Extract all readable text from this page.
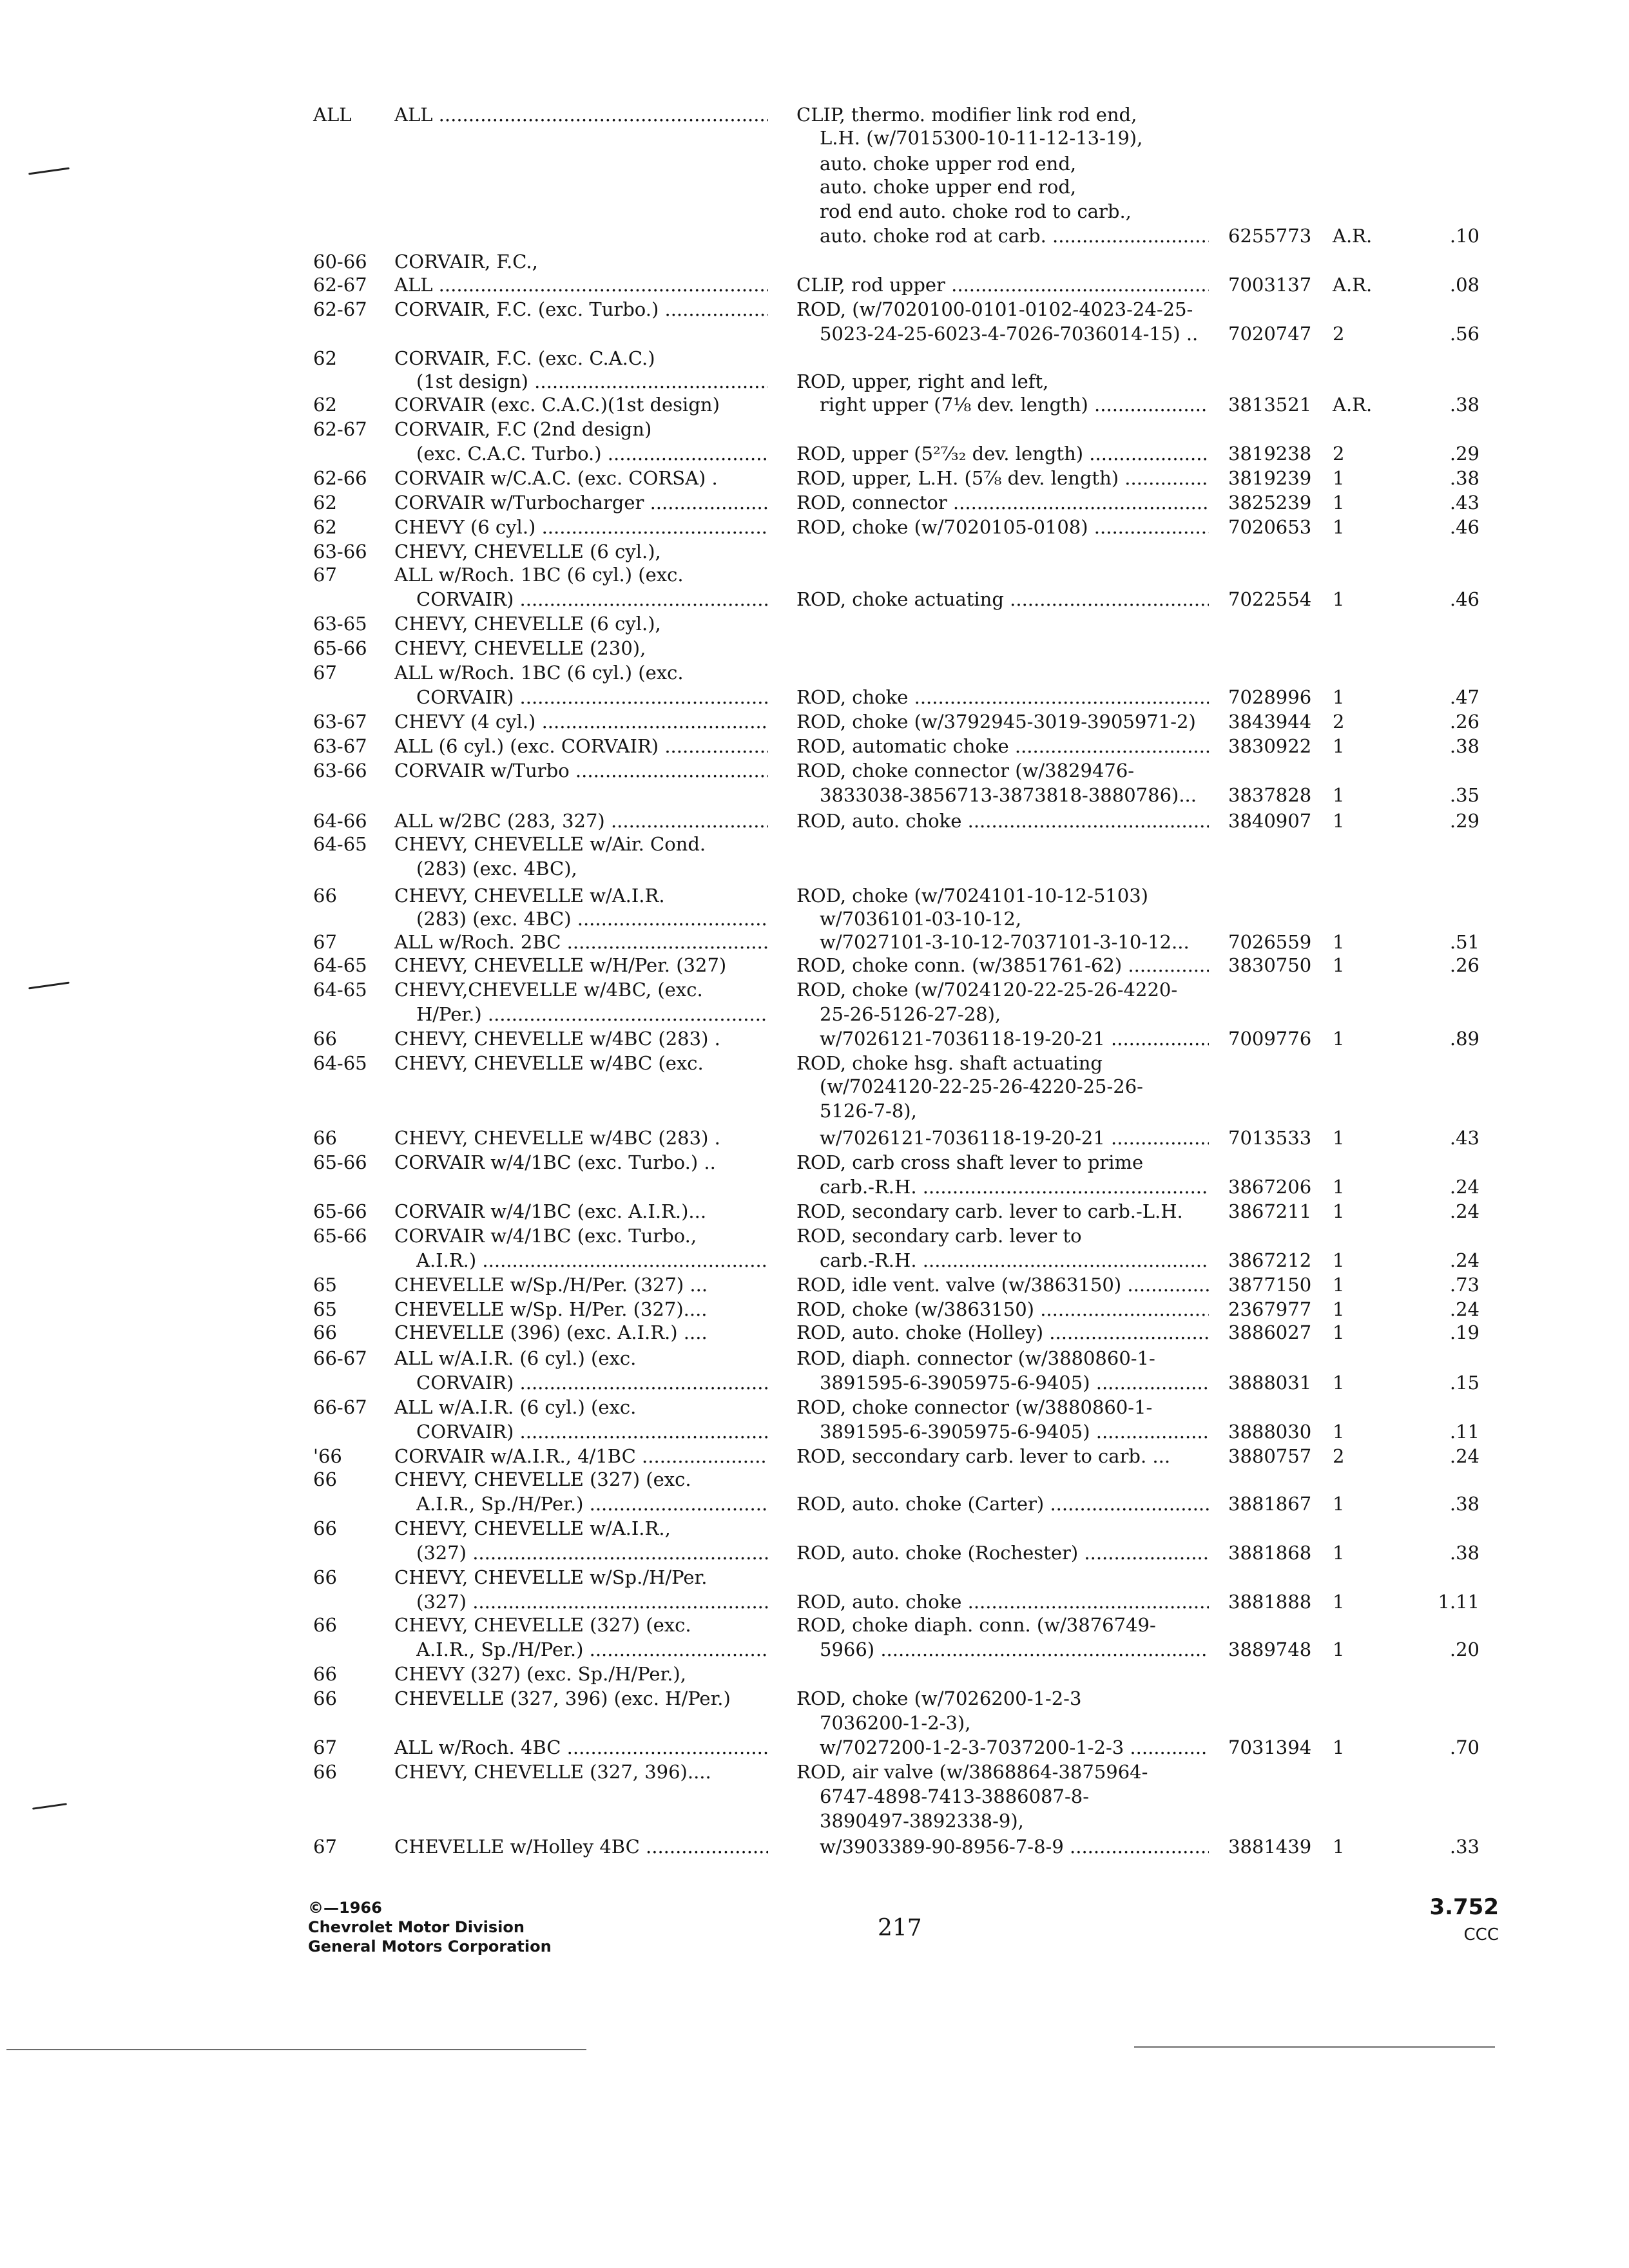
ALL ALL .....	CLIP, thermo. modifier link rod end,
L.H. (w/7015300-10-11-12-13-19),
auto. choke upper rod end,
auto. choke upper end rod,
rod end auto. choke rod to carb.,
auto. choke rod at carb. .....	6255773 A.R.	.10
60-66 CORVAIR, F.C.,
62-67 ALL .....	CLIP, rod upper .....	7003137 A.R.	.08
62-67 CORVAIR, F.C. (exc. Turbo.) .....	ROD, (w/7020100-0101-0102-4023-24-25-
5023-24-25-6023-4-7026-7036014-15) ..	7020747 2	.56
62	CORVAIR, F.C. (exc. C.A.C.)
(1st design) .....	ROD, upper, right and left,
62	CORVAIR (exc. C.A.C.)(1st design)	right upper (7⅛ dev. length) .....	3813521 A.R.	.38
62-67 CORVAIR, F.C (2nd design)
(exc. C.A.C. Turbo.) .....	ROD, upper (5²⁷⁄₃₂ dev. length) .....	3819238 2	.29
62-66 CORVAIR w/C.A.C. (exc. CORSA) .	ROD, upper, L.H. (5⅞ dev. length) .....	3819239 1	.38
62	CORVAIR w/Turbocharger .....	ROD, connector .....	3825239 1	.43
62	CHEVY (6 cyl.) .....	ROD, choke (w/7020105-0108) .....	7020653 1	.46
63-66 CHEVY, CHEVELLE (6 cyl.),
67	ALL w/Roch. 1BC (6 cyl.) (exc.
CORVAIR) .....	ROD, choke actuating .....	7022554 1	.46
63-65 CHEVY, CHEVELLE (6 cyl.),
65-66 CHEVY, CHEVELLE (230),
67	ALL w/Roch. 1BC (6 cyl.) (exc.
CORVAIR) .....	ROD, choke .....	7028996 1	.47
63-67 CHEVY (4 cyl.) .....	ROD, choke (w/3792945-3019-3905971-2)	3843944 2	.26
63-67 ALL (6 cyl.) (exc. CORVAIR) .....	ROD, automatic choke .....	3830922 1	.38
63-66 CORVAIR w/Turbo .....	ROD, choke connector (w/3829476-
3833038-3856713-3873818-3880786)...	3837828 1	.35
64-66 ALL w/2BC (283, 327) .....	ROD, auto. choke .....	3840907 1	.29
64-65 CHEVY, CHEVELLE w/Air. Cond.
(283) (exc. 4BC),
66	CHEVY, CHEVELLE w/A.I.R.	ROD, choke (w/7024101-10-12-5103)
(283) (exc. 4BC) .....	w/7036101-03-10-12,
67	ALL w/Roch. 2BC .....	w/7027101-3-10-12-7037101-3-10-12...	7026559 1	.51
64-65 CHEVY, CHEVELLE w/H/Per. (327)	ROD, choke conn. (w/3851761-62) .....	3830750 1	.26
64-65 CHEVY,CHEVELLE w/4BC, (exc.	ROD, choke (w/7024120-22-25-26-4220-
H/Per.) .....	25-26-5126-27-28),
66	CHEVY, CHEVELLE w/4BC (283) .	w/7026121-7036118-19-20-21 .....	7009776 1	.89
64-65 CHEVY, CHEVELLE w/4BC (exc.	ROD, choke hsg. shaft actuating
(w/7024120-22-25-26-4220-25-26-
5126-7-8),
66	CHEVY, CHEVELLE w/4BC (283) .	w/7026121-7036118-19-20-21 .....	7013533 1	.43
65-66 CORVAIR w/4/1BC (exc. Turbo.) ..	ROD, carb cross shaft lever to prime
carb.-R.H. .....	3867206 1	.24
65-66 CORVAIR w/4/1BC (exc. A.I.R.)...	ROD, secondary carb. lever to carb.-L.H.	3867211 1	.24
65-66 CORVAIR w/4/1BC (exc. Turbo.,	ROD, secondary carb. lever to
A.I.R.) .....	carb.-R.H. .....	3867212 1	.24
65	CHEVELLE w/Sp./H/Per. (327) ...	ROD, idle vent. valve (w/3863150) .....	3877150 1	.73
65	CHEVELLE w/Sp. H/Per. (327)....	ROD, choke (w/3863150) .....	2367977 1	.24
66	CHEVELLE (396) (exc. A.I.R.) ....	ROD, auto. choke (Holley) .....	3886027 1	.19
66-67 ALL w/A.I.R. (6 cyl.) (exc.	ROD, diaph. connector (w/3880860-1-
CORVAIR) .....	3891595-6-3905975-6-9405) .....	3888031 1	.15
66-67 ALL w/A.I.R. (6 cyl.) (exc.	ROD, choke connector (w/3880860-1-
CORVAIR) .....	3891595-6-3905975-6-9405) .....	3888030 1	.11
'66	CORVAIR w/A.I.R., 4/1BC .....	ROD, seccondary carb. lever to carb. ...	3880757 2	.24
66	CHEVY, CHEVELLE (327) (exc.
A.I.R., Sp./H/Per.) .....	ROD, auto. choke (Carter) .....	3881867 1	.38
66	CHEVY, CHEVELLE w/A.I.R.,
(327) .....	ROD, auto. choke (Rochester) .....	3881868 1	.38
66	CHEVY, CHEVELLE w/Sp./H/Per.
(327) .....	ROD, auto. choke .....	3881888 1	1.11
66	CHEVY, CHEVELLE (327) (exc.	ROD, choke diaph. conn. (w/3876749-
A.I.R., Sp./H/Per.) .....	5966) .....	3889748 1	.20
66	CHEVY (327) (exc. Sp./H/Per.),
66	CHEVELLE (327, 396) (exc. H/Per.)	ROD, choke (w/7026200-1-2-3
7036200-1-2-3),
67	ALL w/Roch. 4BC .....	w/7027200-1-2-3-7037200-1-2-3 .....	7031394 1	.70
66	CHEVY, CHEVELLE (327, 396)....	ROD, air valve (w/3868864-3875964-
6747-4898-7413-3886087-8-
3890497-3892338-9),
67	CHEVELLE w/Holley 4BC .....	w/3903389-90-8956-7-8-9 .....	3881439 1	.33
©—1966
Chevrolet Motor Division
General Motors Corporation
217
3.752
CCC
